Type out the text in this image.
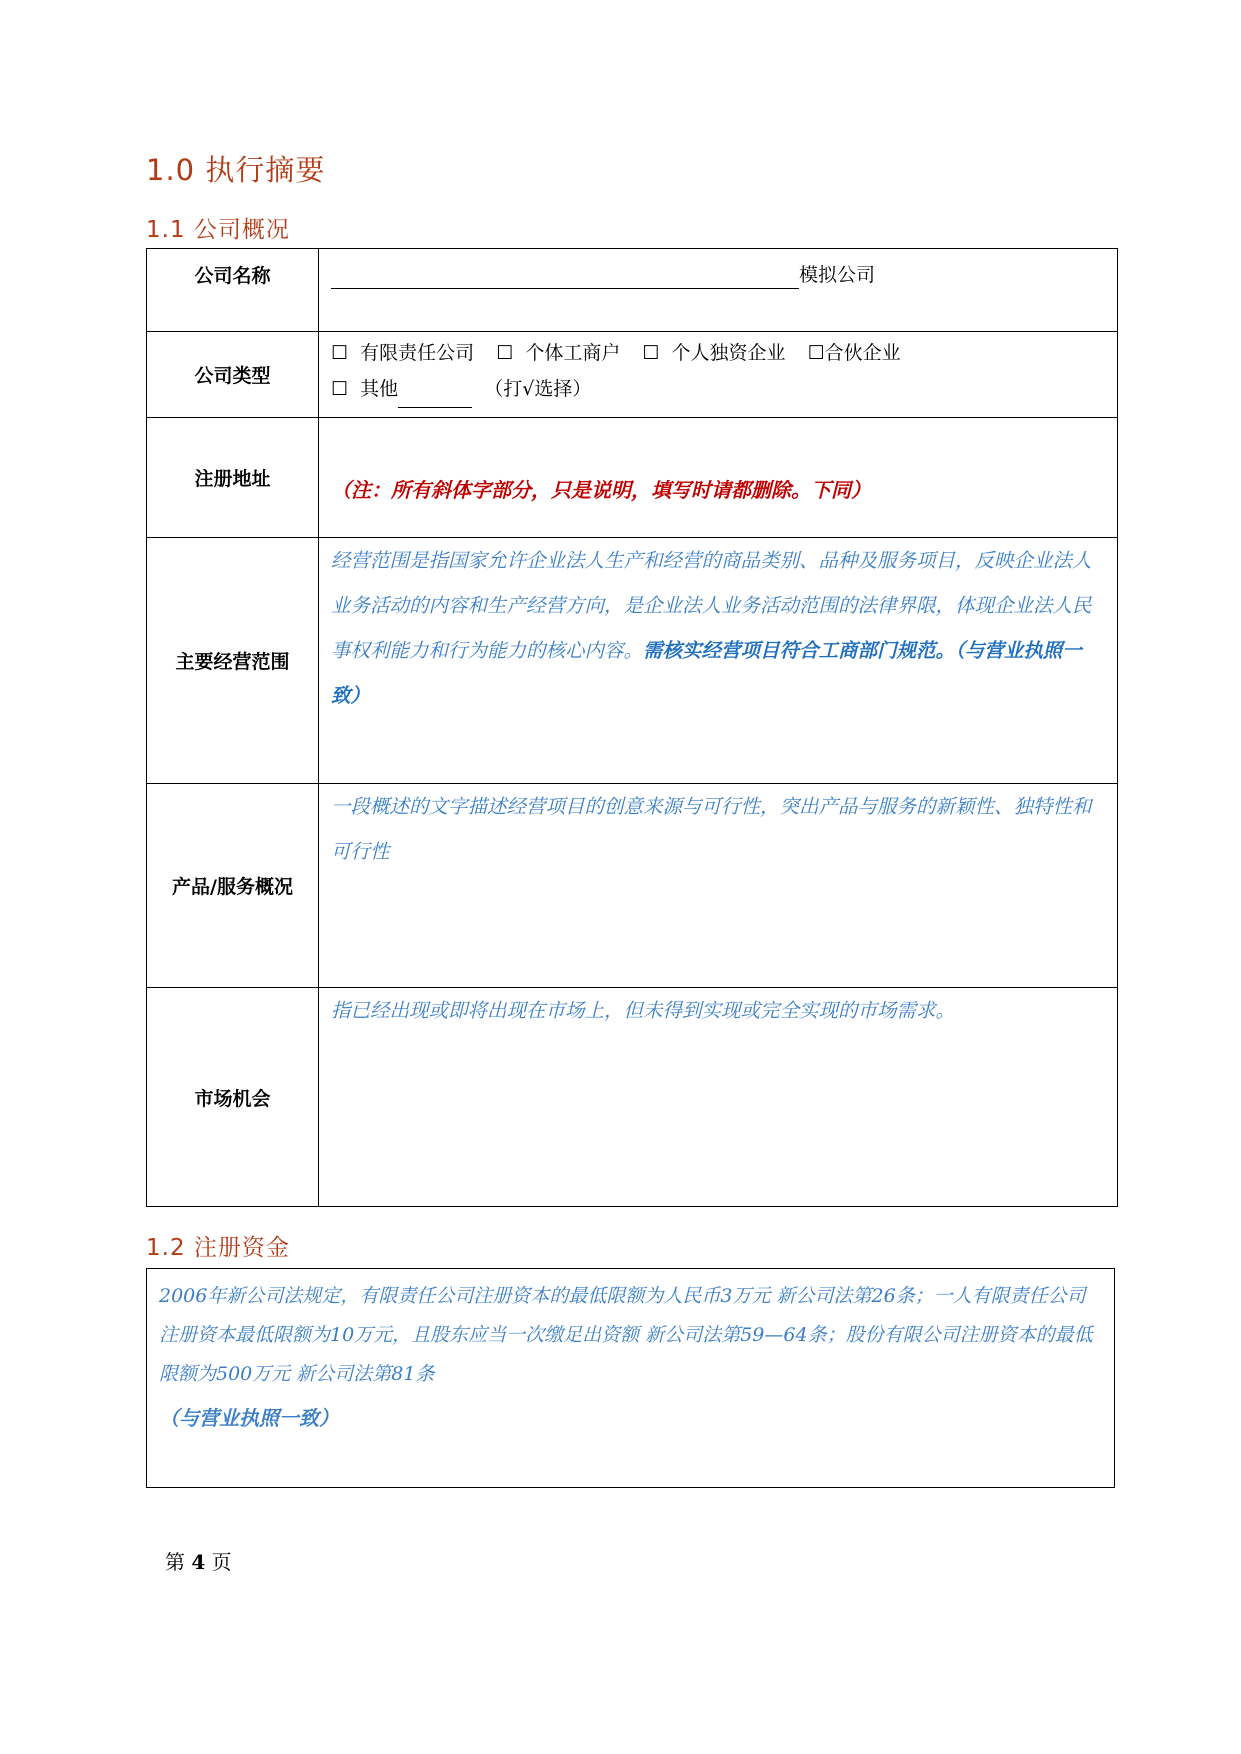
1.0 执行摘要
1.1 公司概况
公司名称	模拟公司

公司类型	☐ 有限责任公司 ☐ 个体工商户 ☐ 个人独资企业 ☐合伙企业
☐ 其他 （打√选择）

注册地址	（注：所有斜体字部分，只是说明，填写时请都删除。下同）

主要经营范围	经营范围是指国家允许企业法人生产和经营的商品类别、品种及服务项目，反映企业法人业务活动的内容和生产经营方向，是企业法人业务活动范围的法律界限，体现企业法人民事权利能力和行为能力的核心内容。需核实经营项目符合工商部门规范。（与营业执照一致）

产品/服务概况	一段概述的文字描述经营项目的创意来源与可行性，突出产品与服务的新颖性、独特性和可行性

市场机会	指已经出现或即将出现在市场上，但未得到实现或完全实现的市场需求。
1.2 注册资金
2006年新公司法规定，有限责任公司注册资本的最低限额为人民币3万元 新公司法第26条；一人有限责任公司注册资本最低限额为10万元，且股东应当一次缴足出资额 新公司法第59—64条；股份有限公司注册资本的最低限额为500万元 新公司法第81条
（与营业执照一致）
第 4 页
